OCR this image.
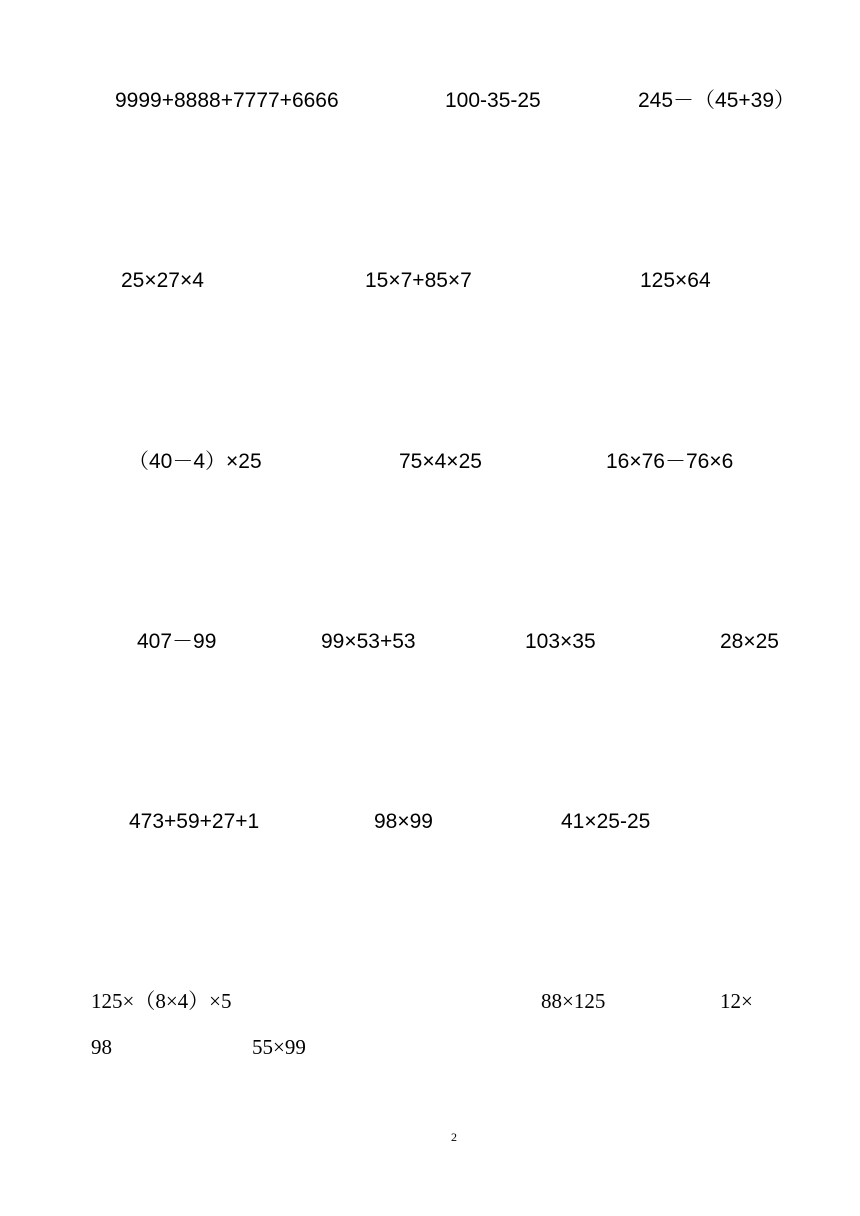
9999+8888+7777+6666	100-35-25	245－（45+39）
25×27×4	15×7+85×7	125×64
（40－4）×25	75×4×25	16×76－76×6
407－99	99×53+53	103×35	28×25
473+59+27+1	98×99	41×25-25
125×（8×4）×5	88×125	12×
98	55×99
2
